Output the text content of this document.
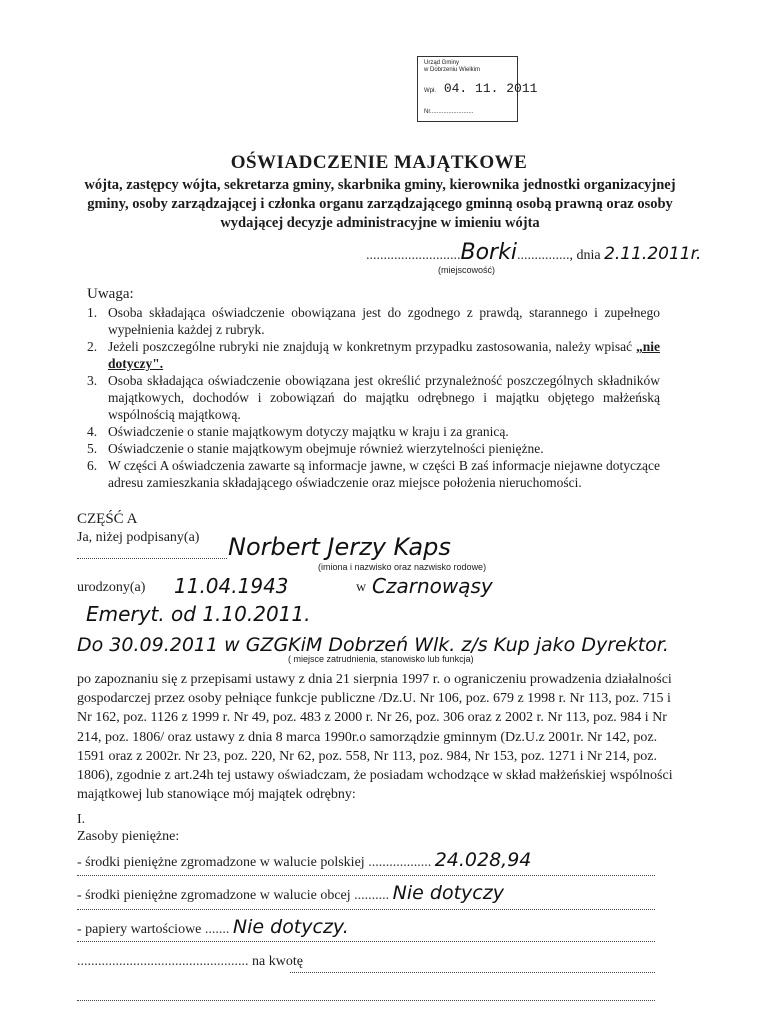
Urząd Gminy
w Dobrzeniu Wielkim
Wpł. 04. 11. 2011
Nr..........................
OŚWIADCZENIE MAJĄTKOWE
wójta, zastępcy wójta, sekretarza gminy, skarbnika gminy, kierownika jednostki organizacyjnej gminy, osoby zarządzającej i członka organu zarządzającego gminną osobą prawną oraz osoby wydającej decyzje administracyjne w imieniu wójta
...........................Borki..............., dnia 2.11.2011r.
(miejscowość)
Uwaga:
1. Osoba składająca oświadczenie obowiązana jest do zgodnego z prawdą, starannego i zupełnego wypełnienia każdej z rubryk.
2. Jeżeli poszczególne rubryki nie znajdują w konkretnym przypadku zastosowania, należy wpisać „nie dotyczy".
3. Osoba składająca oświadczenie obowiązana jest określić przynależność poszczególnych składników majątkowych, dochodów i zobowiązań do majątku odrębnego i majątku objętego małżeńską wspólnością majątkową.
4. Oświadczenie o stanie majątkowym dotyczy majątku w kraju i za granicą.
5. Oświadczenie o stanie majątkowym obejmuje również wierzytelności pieniężne.
6. W części A oświadczenia zawarte są informacje jawne, w części B zaś informacje niejawne dotyczące adresu zamieszkania składającego oświadczenie oraz miejsce położenia nieruchomości.
CZĘŚĆ A
Ja, niżej podpisany(a) Norbert Jerzy Kaps
(imiona i nazwisko oraz nazwisko rodowe)
urodzony(a) 11.04.1943	w Czarnowąsy
Emeryt. od 1.10.2011.
Do 30.09.2011 w GZGKiM Dobrzeń Wlk. z/s Kup jako Dyrektor.
( miejsce zatrudnienia, stanowisko lub funkcja)
po zapoznaniu się z przepisami ustawy z dnia 21 sierpnia 1997 r. o ograniczeniu prowadzenia działalności gospodarczej przez osoby pełniące funkcje publiczne /Dz.U. Nr 106, poz. 679 z 1998 r. Nr 113, poz. 715 i Nr 162, poz. 1126 z 1999 r. Nr 49, poz. 483 z 2000 r. Nr 26, poz. 306 oraz z 2002 r. Nr 113, poz. 984 i Nr 214, poz. 1806/ oraz ustawy z dnia 8 marca 1990r.o samorządzie gminnym (Dz.U.z 2001r. Nr 142, poz. 1591 oraz z 2002r. Nr 23, poz. 220, Nr 62, poz. 558, Nr 113, poz. 984, Nr 153, poz. 1271 i Nr 214, poz. 1806), zgodnie z art.24h tej ustawy oświadczam, że posiadam wchodzące w skład małżeńskiej wspólności majątkowej lub stanowiące mój majątek odrębny:
I.
Zasoby pieniężne:
- środki pieniężne zgromadzone w walucie polskiej .................. 24.028,94
- środki pieniężne zgromadzone w walucie obcej .......... Nie dotyczy
- papiery wartościowe ....... Nie dotyczy.
................................................. na kwotę
